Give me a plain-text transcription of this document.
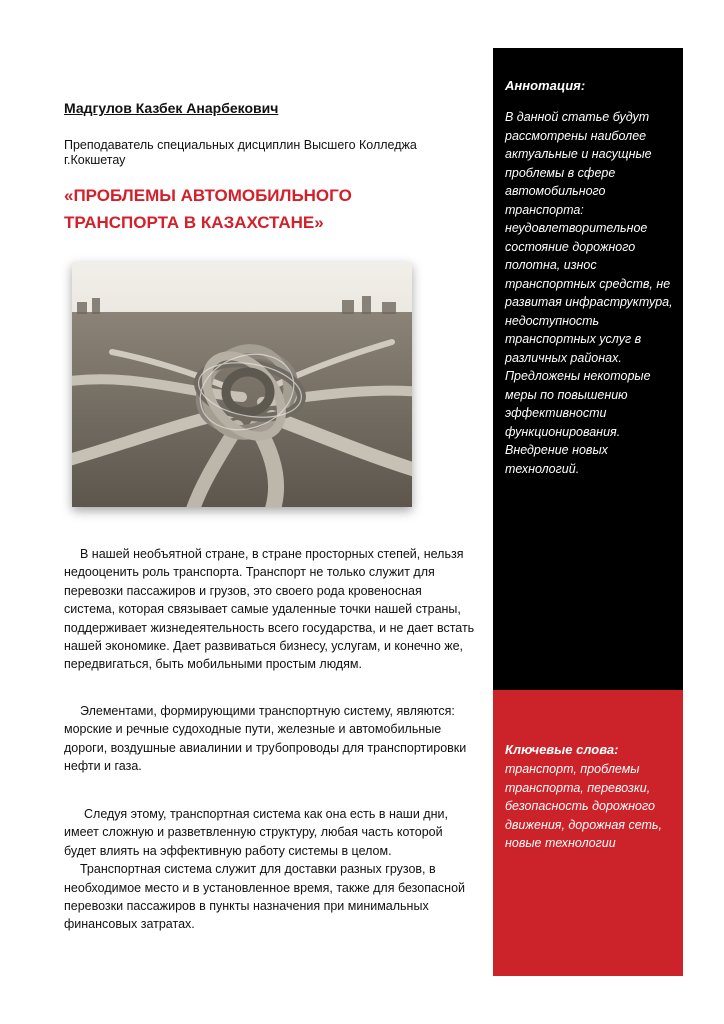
Мадгулов Казбек Анарбекович

Преподаватель специальных дисциплин Высшего Колледжа г.Кокшетау

«ПРОБЛЕМЫ АВТОМОБИЛЬНОГО ТРАНСПОРТА В КАЗАХСТАНЕ»

В нашей необъятной стране, в стране просторных степей, нельзя недооценить роль транспорта. Транспорт не только служит для перевозки пассажиров и грузов, это своего рода кровеносная система, которая связывает самые удаленные точки нашей страны, поддерживает жизнедеятельность всего государства, и не дает встать нашей экономике. Дает развиваться бизнесу, услугам, и конечно же, передвигаться, быть мобильными простым людям.

Элементами, формирующими транспортную систему, являются: морские и речные судоходные пути, железные и автомобильные дороги, воздушные авиалинии и трубопроводы для транспортировки нефти и газа.

Следуя этому, транспортная система как она есть в наши дни, имеет сложную и разветвленную структуру, любая часть которой будет влиять на эффективную работу системы в целом.
Транспортная система служит для доставки разных грузов, в необходимое место и в установленное время, также для безопасной перевозки пассажиров в пункты назначения при минимальных финансовых затратах.

Аннотация:

В данной статье будут рассмотрены наиболее актуальные и насущные проблемы в сфере автомобильного транспорта: неудовлетворительное состояние дорожного полотна, износ транспортных средств, не развитая инфраструктура, недоступность транспортных услуг в различных районах. Предложены некоторые меры по повышению эффективности функционирования. Внедрение новых технологий.

Ключевые слова:

транспорт, проблемы транспорта, перевозки, безопасность дорожного движения, дорожная сеть, новые технологии
